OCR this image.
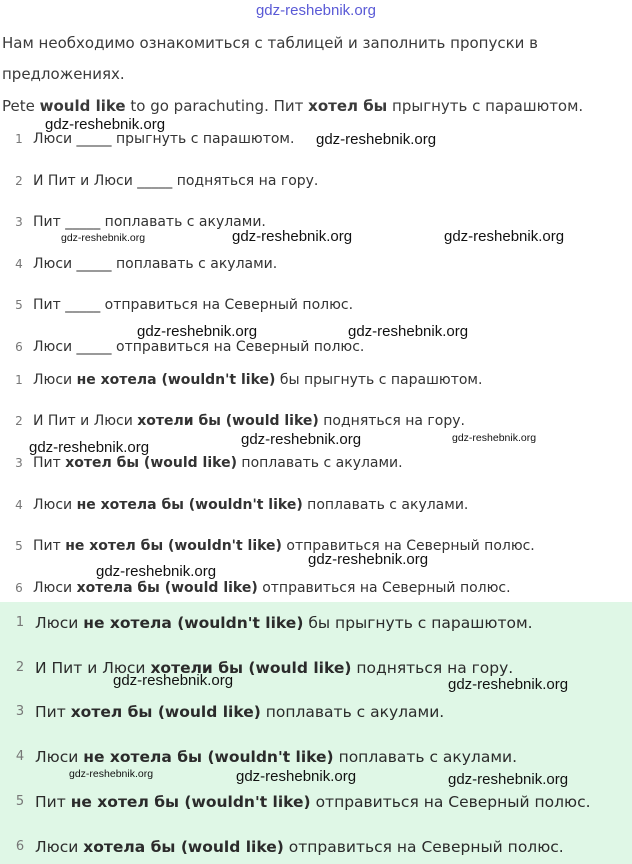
gdz-reshebnik.org
Нам необходимо ознакомиться с таблицей и заполнить пропуски в
предложениях.
Pete would like to go parachuting. Пит хотел бы прыгнуть с парашютом.
1 Люси _____ прыгнуть с парашютом.
2 И Пит и Люси _____ подняться на гору.
3 Пит _____ поплавать с акулами.
4 Люси _____ поплавать с акулами.
5 Пит _____ отправиться на Северный полюс.
6 Люси _____ отправиться на Северный полюс.
1 Люси не хотела (wouldn't like) бы прыгнуть с парашютом.
2 И Пит и Люси хотели бы (would like) подняться на гору.
3 Пит хотел бы (would like) поплавать с акулами.
4 Люси не хотела бы (wouldn't like) поплавать с акулами.
5 Пит не хотел бы (wouldn't like) отправиться на Северный полюс.
6 Люси хотела бы (would like) отправиться на Северный полюс.
1 Люси не хотела (wouldn't like) бы прыгнуть с парашютом.
2 И Пит и Люси хотели бы (would like) подняться на гору.
3 Пит хотел бы (would like) поплавать с акулами.
4 Люси не хотела бы (wouldn't like) поплавать с акулами.
5 Пит не хотел бы (wouldn't like) отправиться на Северный полюс.
6 Люси хотела бы (would like) отправиться на Северный полюс.
gdz-reshebnik.org
gdz-reshebnik.org
gdz-reshebnik.org	gdz-reshebnik.org	gdz-reshebnik.org
gdz-reshebnik.org	gdz-reshebnik.org
gdz-reshebnik.org	gdz-reshebnik.org	gdz-reshebnik.org
gdz-reshebnik.org
gdz-reshebnik.org
gdz-reshebnik.org	gdz-reshebnik.org
gdz-reshebnik.org	gdz-reshebnik.org	gdz-reshebnik.org
